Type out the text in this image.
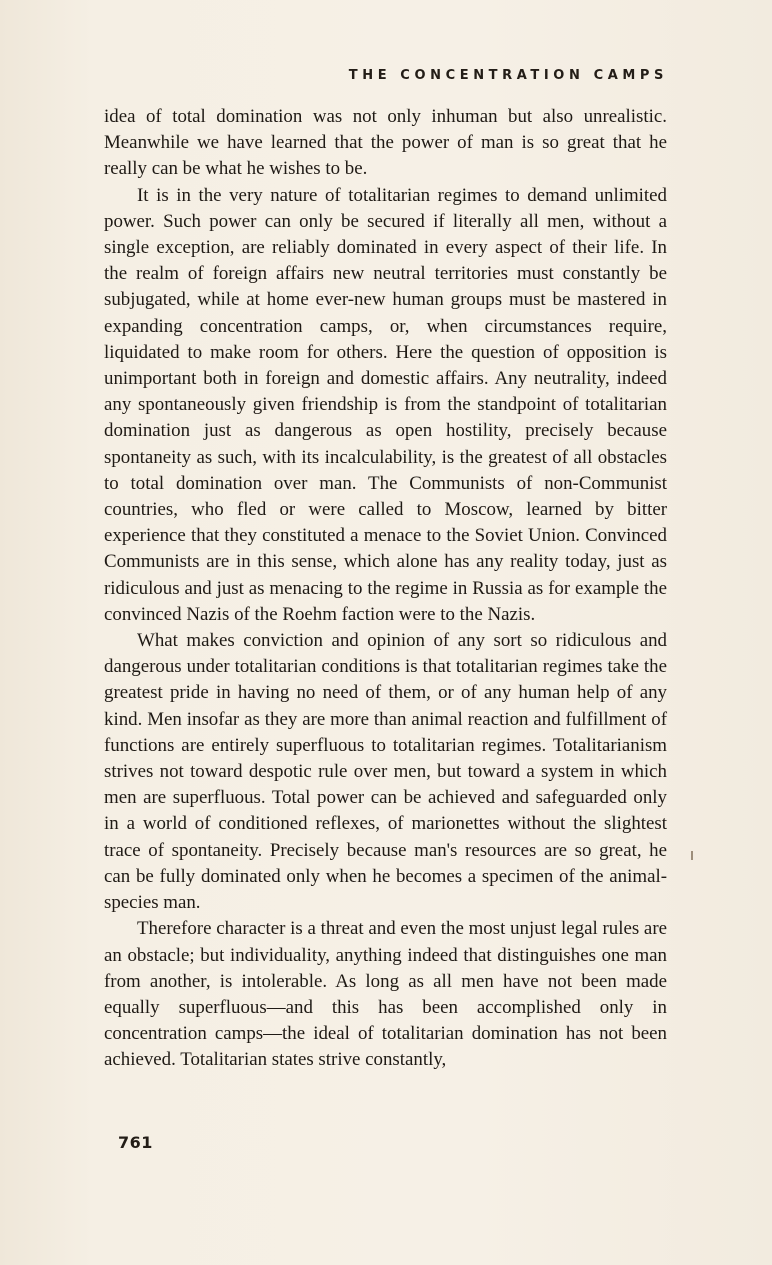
THE CONCENTRATION CAMPS

idea of total domination was not only inhuman but also unrealistic. Meanwhile we have learned that the power of man is so great that he really can be what he wishes to be.

It is in the very nature of totalitarian regimes to demand unlimited power. Such power can only be secured if literally all men, without a single exception, are reliably dominated in every aspect of their life. In the realm of foreign affairs new neutral territories must constantly be subjugated, while at home ever-new human groups must be mastered in expanding concentration camps, or, when circumstances require, liquidated to make room for others. Here the question of opposition is unimportant both in foreign and domestic affairs. Any neutrality, indeed any spontaneously given friendship is from the standpoint of totalitarian domination just as dangerous as open hostility, precisely because spontaneity as such, with its incalculability, is the greatest of all obstacles to total domination over man. The Communists of non-Communist countries, who fled or were called to Moscow, learned by bitter experience that they constituted a menace to the Soviet Union. Convinced Communists are in this sense, which alone has any reality today, just as ridiculous and just as menacing to the regime in Russia as for example the convinced Nazis of the Roehm faction were to the Nazis.

What makes conviction and opinion of any sort so ridiculous and dangerous under totalitarian conditions is that totalitarian regimes take the greatest pride in having no need of them, or of any human help of any kind. Men insofar as they are more than animal reaction and fulfillment of functions are entirely superfluous to totalitarian regimes. Totalitarianism strives not toward despotic rule over men, but toward a system in which men are superfluous. Total power can be achieved and safeguarded only in a world of conditioned reflexes, of marionettes without the slightest trace of spontaneity. Precisely because man's resources are so great, he can be fully dominated only when he becomes a specimen of the animal-species man.

Therefore character is a threat and even the most unjust legal rules are an obstacle; but individuality, anything indeed that distinguishes one man from another, is intolerable. As long as all men have not been made equally superfluous—and this has been accomplished only in concentration camps—the ideal of totalitarian domination has not been achieved. Totalitarian states strive constantly,

761
